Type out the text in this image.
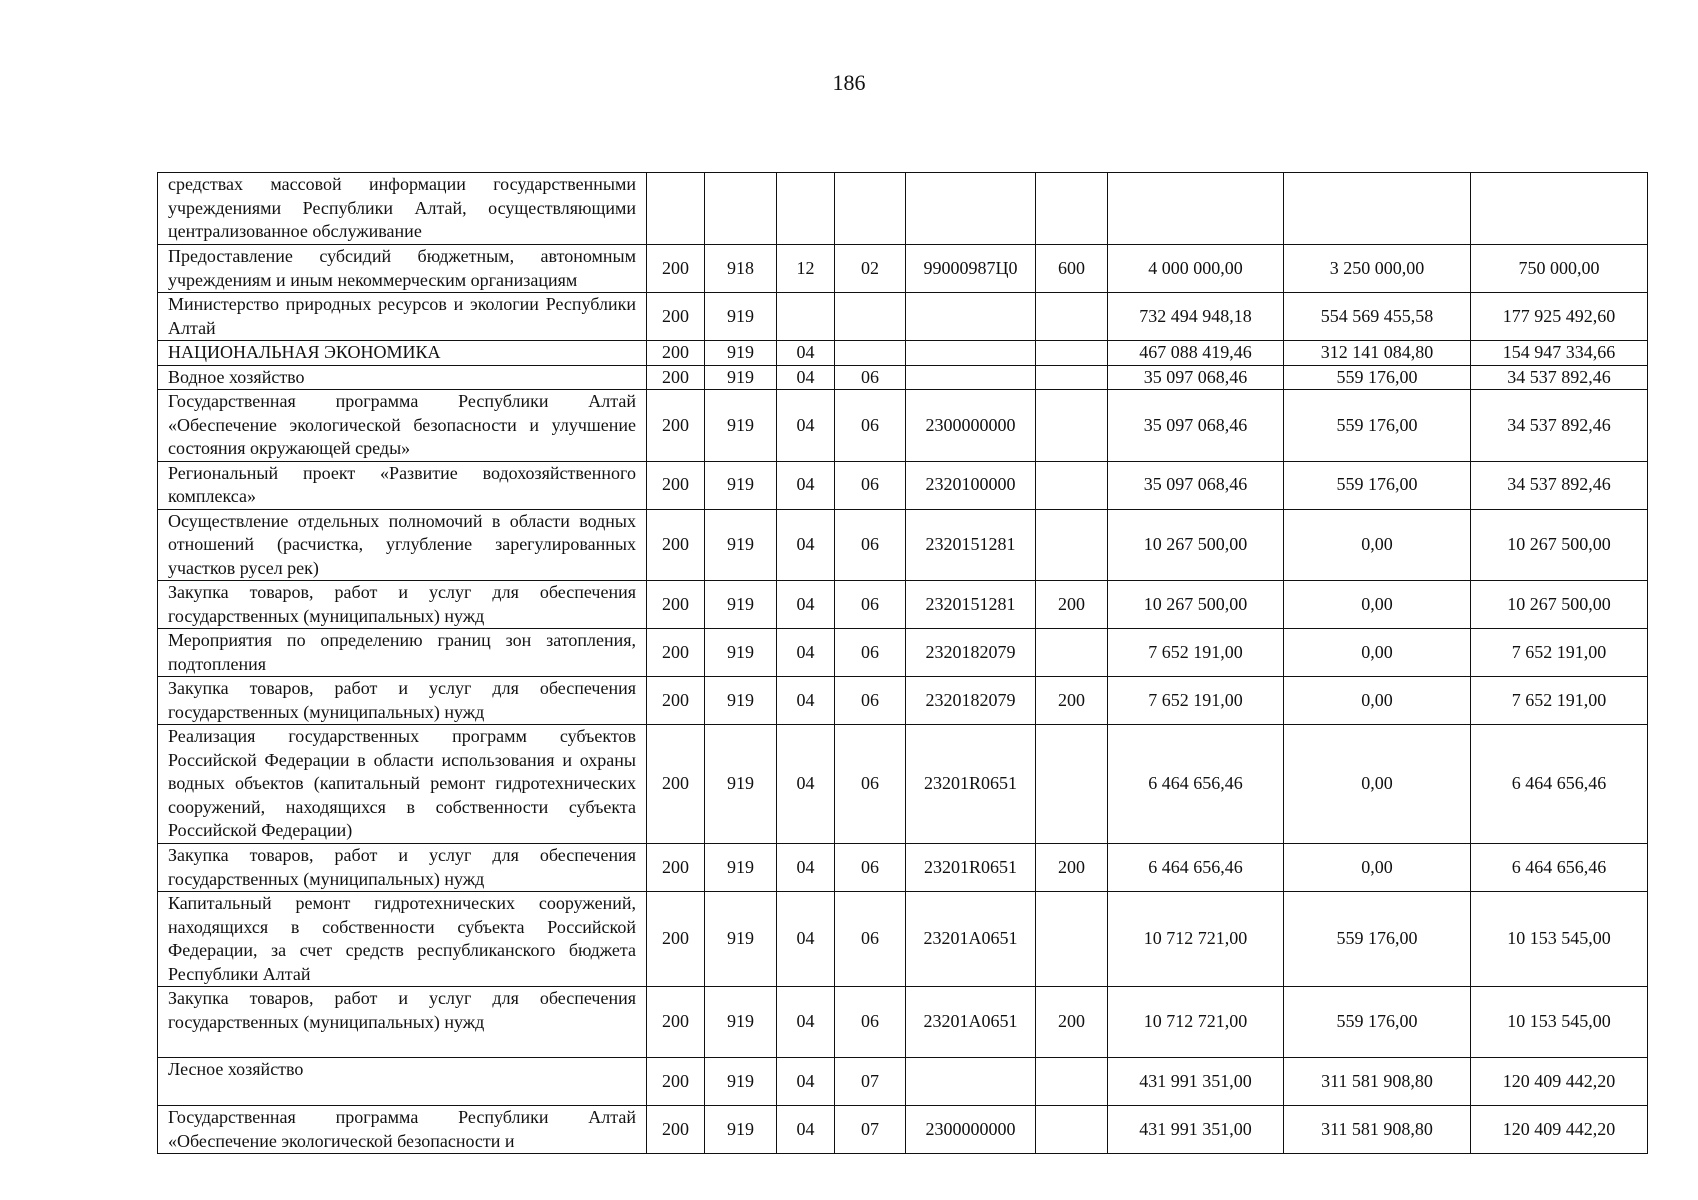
186
средствах массовой информации государственными учреждениями Республики Алтай, осуществляющими централизованное обслуживание									
Предоставление субсидий бюджетным, автономным учреждениям и иным некоммерческим организациям	200	918	12	02	99000987Ц0	600	4 000 000,00	3 250 000,00	750 000,00
Министерство природных ресурсов и экологии Республики Алтай	200	919					732 494 948,18	554 569 455,58	177 925 492,60
НАЦИОНАЛЬНАЯ ЭКОНОМИКА	200	919	04				467 088 419,46	312 141 084,80	154 947 334,66
Водное хозяйство	200	919	04	06			35 097 068,46	559 176,00	34 537 892,46
Государственная программа Республики Алтай «Обеспечение экологической безопасности и улучшение состояния окружающей среды»	200	919	04	06	2300000000		35 097 068,46	559 176,00	34 537 892,46
Региональный проект «Развитие водохозяйственного комплекса»	200	919	04	06	2320100000		35 097 068,46	559 176,00	34 537 892,46
Осуществление отдельных полномочий в области водных отношений (расчистка, углубление зарегулированных участков русел рек)	200	919	04	06	2320151281		10 267 500,00	0,00	10 267 500,00
Закупка товаров, работ и услуг для обеспечения государственных (муниципальных) нужд	200	919	04	06	2320151281	200	10 267 500,00	0,00	10 267 500,00
Мероприятия по определению границ зон затопления, подтопления	200	919	04	06	2320182079		7 652 191,00	0,00	7 652 191,00
Закупка товаров, работ и услуг для обеспечения государственных (муниципальных) нужд	200	919	04	06	2320182079	200	7 652 191,00	0,00	7 652 191,00
Реализация государственных программ субъектов Российской Федерации в области использования и охраны водных объектов (капитальный ремонт гидротехнических сооружений, находящихся в собственности субъекта Российской Федерации)	200	919	04	06	23201R0651		6 464 656,46	0,00	6 464 656,46
Закупка товаров, работ и услуг для обеспечения государственных (муниципальных) нужд	200	919	04	06	23201R0651	200	6 464 656,46	0,00	6 464 656,46
Капитальный ремонт гидротехнических сооружений, находящихся в собственности субъекта Российской Федерации, за счет средств республиканского бюджета Республики Алтай	200	919	04	06	23201A0651		10 712 721,00	559 176,00	10 153 545,00
Закупка товаров, работ и услуг для обеспечения государственных (муниципальных) нужд	200	919	04	06	23201A0651	200	10 712 721,00	559 176,00	10 153 545,00
Лесное хозяйство	200	919	04	07			431 991 351,00	311 581 908,80	120 409 442,20
Государственная программа Республики Алтай «Обеспечение экологической безопасности и	200	919	04	07	2300000000		431 991 351,00	311 581 908,80	120 409 442,20
